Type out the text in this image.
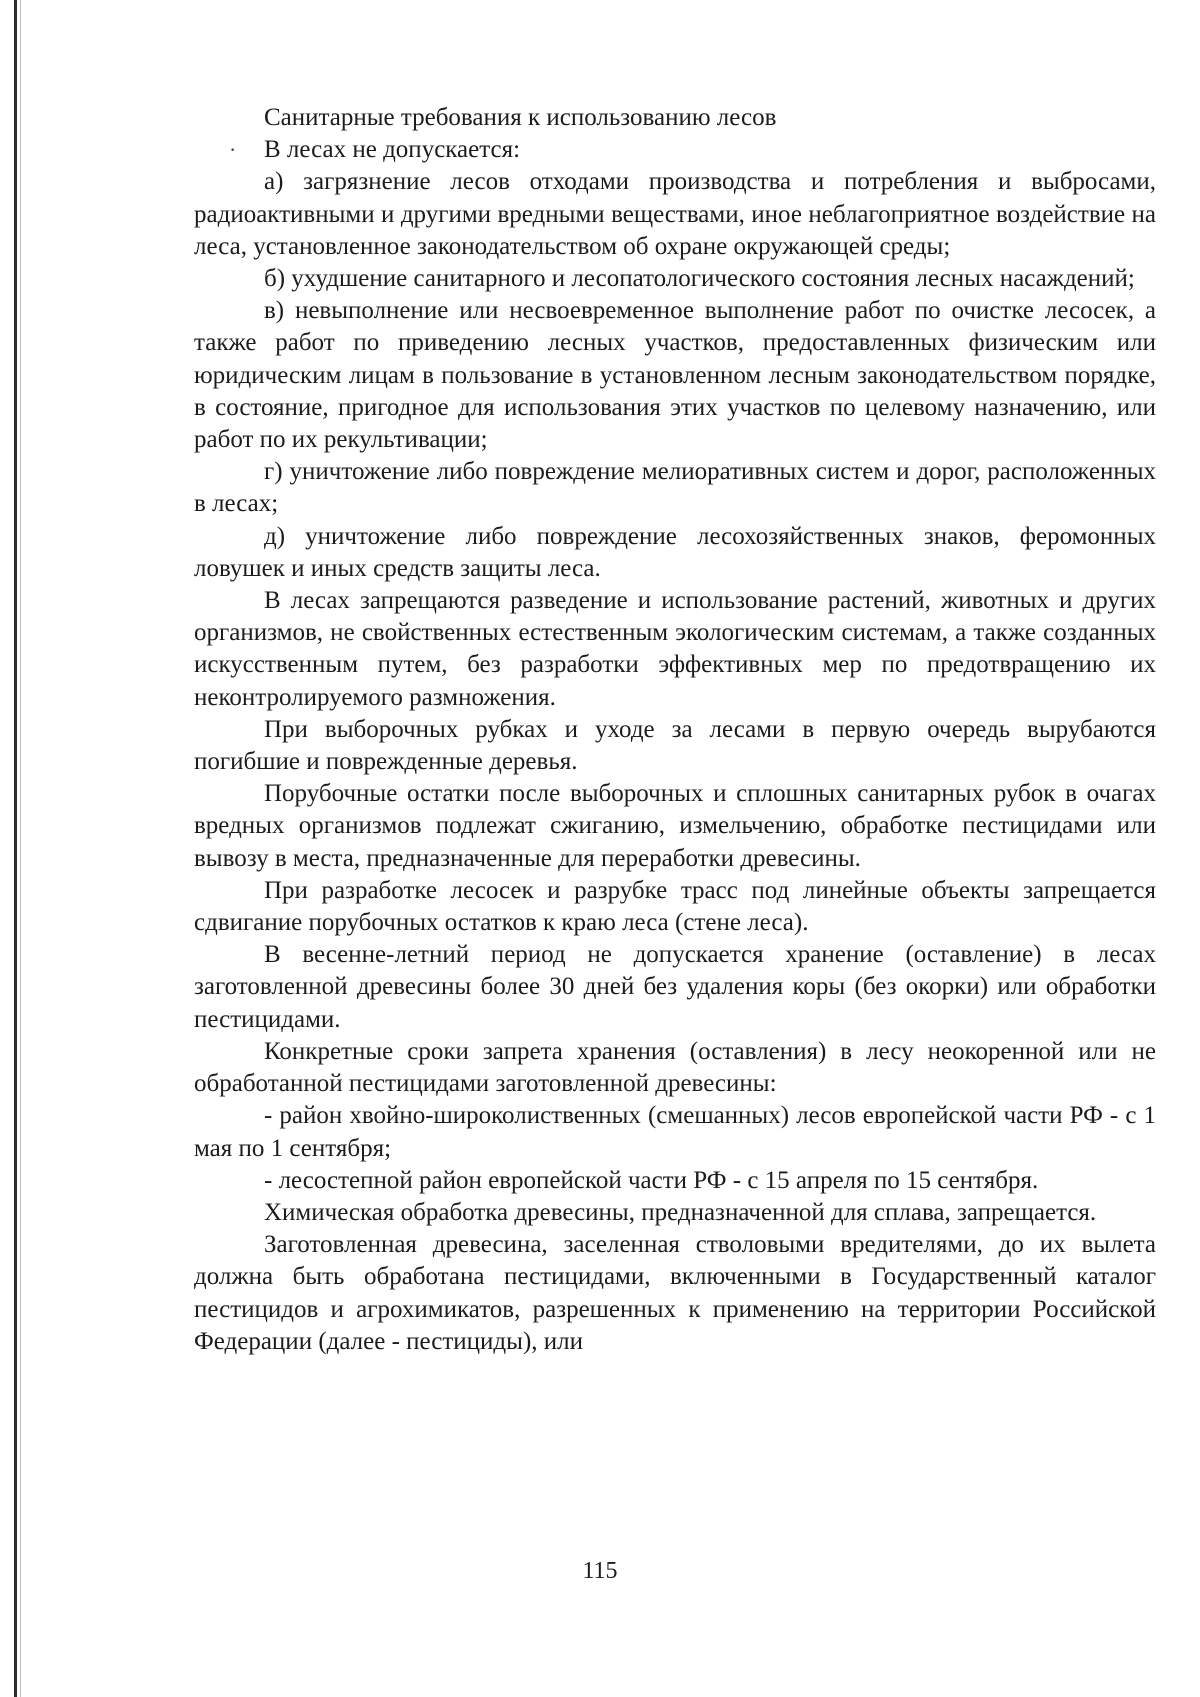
Санитарные требования к использованию лесов

· В лесах не допускается:

а) загрязнение лесов отходами производства и потребления и выбросами, радиоактивными и другими вредными веществами, иное неблагоприятное воздействие на леса, установленное законодательством об охране окружающей среды;

б) ухудшение санитарного и лесопатологического состояния лесных насаждений;

в) невыполнение или несвоевременное выполнение работ по очистке лесосек, а также работ по приведению лесных участков, предоставленных физическим или юридическим лицам в пользование в установленном лесным законодательством порядке, в состояние, пригодное для использования этих участков по целевому назначению, или работ по их рекультивации;

г) уничтожение либо повреждение мелиоративных систем и дорог, расположенных в лесах;

д) уничтожение либо повреждение лесохозяйственных знаков, феромонных ловушек и иных средств защиты леса.

В лесах запрещаются разведение и использование растений, животных и других организмов, не свойственных естественным экологическим системам, а также созданных искусственным путем, без разработки эффективных мер по предотвращению их неконтролируемого размножения.

При выборочных рубках и уходе за лесами в первую очередь вырубаются погибшие и поврежденные деревья.

Порубочные остатки после выборочных и сплошных санитарных рубок в очагах вредных организмов подлежат сжиганию, измельчению, обработке пестицидами или вывозу в места, предназначенные для переработки древесины.

При разработке лесосек и разрубке трасс под линейные объекты запрещается сдвигание порубочных остатков к краю леса (стене леса).

В весенне-летний период не допускается хранение (оставление) в лесах заготовленной древесины более 30 дней без удаления коры (без окорки) или обработки пестицидами.

Конкретные сроки запрета хранения (оставления) в лесу неокоренной или не обработанной пестицидами заготовленной древесины:

- район хвойно-широколиственных (смешанных) лесов европейской части РФ - с 1 мая по 1 сентября;

- лесостепной район европейской части РФ - с 15 апреля по 15 сентября.

Химическая обработка древесины, предназначенной для сплава, запрещается.

Заготовленная древесина, заселенная стволовыми вредителями, до их вылета должна быть обработана пестицидами, включенными в Государственный каталог пестицидов и агрохимикатов, разрешенных к применению на территории Российской Федерации (далее - пестициды), или

115
